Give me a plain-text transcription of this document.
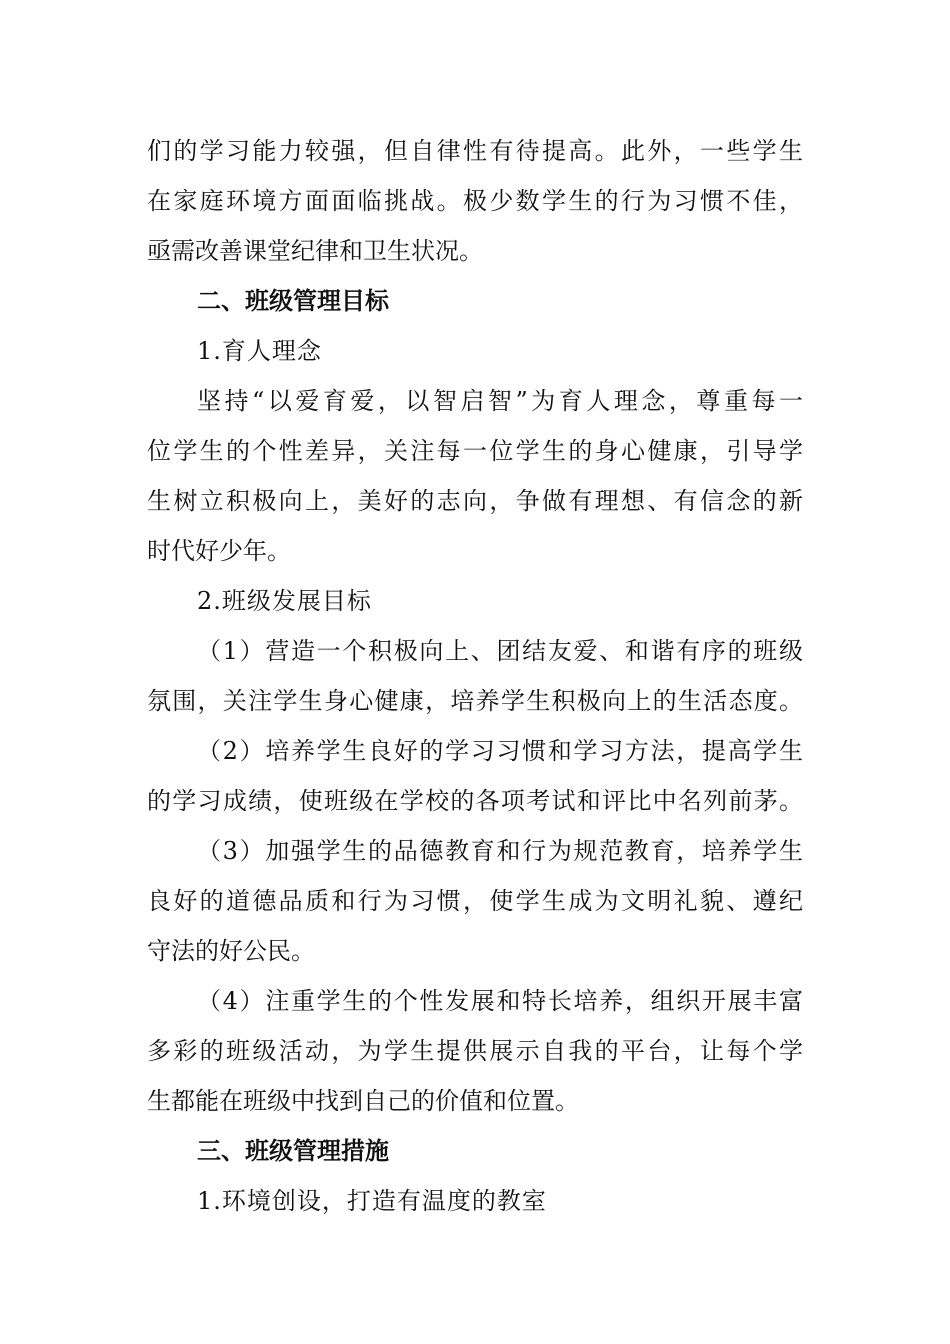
们的学习能力较强，但自律性有待提高。此外，一些学生
在家庭环境方面面临挑战。极少数学生的行为习惯不佳，
亟需改善课堂纪律和卫生状况。
二、班级管理目标
1.育人理念
坚持“以爱育爱，以智启智”为育人理念，尊重每一
位学生的个性差异，关注每一位学生的身心健康，引导学
生树立积极向上，美好的志向，争做有理想、有信念的新
时代好少年。
2.班级发展目标
（1）营造一个积极向上、团结友爱、和谐有序的班级
氛围，关注学生身心健康，培养学生积极向上的生活态度。
（2）培养学生良好的学习习惯和学习方法，提高学生
的学习成绩，使班级在学校的各项考试和评比中名列前茅。
（3）加强学生的品德教育和行为规范教育，培养学生
良好的道德品质和行为习惯，使学生成为文明礼貌、遵纪
守法的好公民。
（4）注重学生的个性发展和特长培养，组织开展丰富
多彩的班级活动，为学生提供展示自我的平台，让每个学
生都能在班级中找到自己的价值和位置。
三、班级管理措施
1.环境创设，打造有温度的教室
